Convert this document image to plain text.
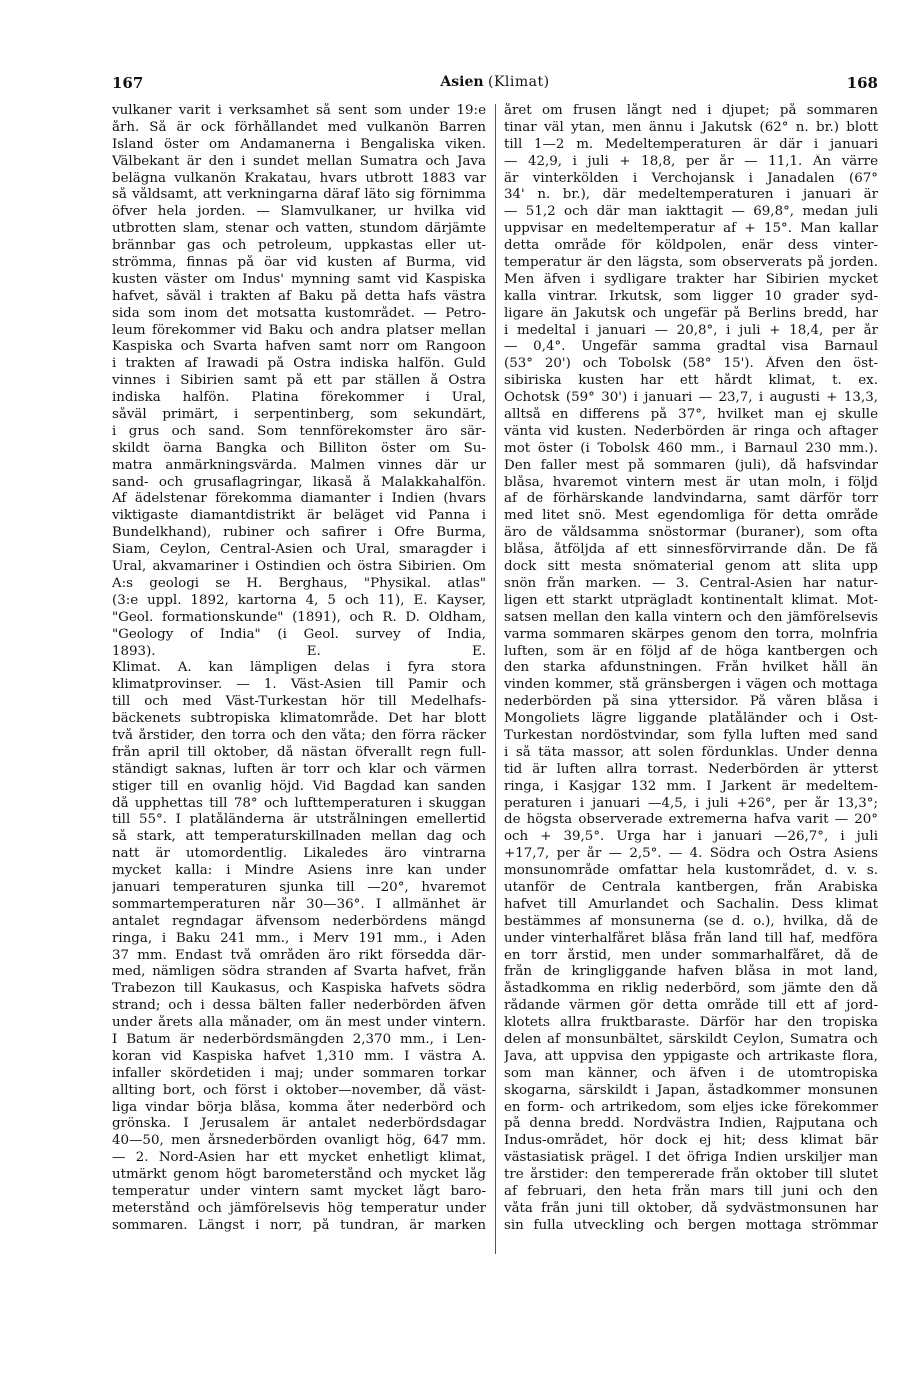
167	Asien (Klimat)	168
vulkaner varit i verksamhet så sent som under 19:e
årh. Så är ock förhållandet med vulkanön Barren
Island öster om Andamanerna i Bengaliska viken.
Välbekant är den i sundet mellan Sumatra och Java
belägna vulkanön Krakatau, hvars utbrott 1883 var
så våldsamt, att verkningarna däraf läto sig förnimma
öfver hela jorden. — Slamvulkaner, ur hvilka vid
utbrotten slam, stenar och vatten, stundom därjämte
brännbar gas och petroleum, uppkastas eller ut-
strömma, finnas på öar vid kusten af Burma, vid
kusten väster om Indus' mynning samt vid Kaspiska
hafvet, såväl i trakten af Baku på detta hafs västra
sida som inom det motsatta kustområdet. — Petro-
leum förekommer vid Baku och andra platser mellan
Kaspiska och Svarta hafven samt norr om Rangoon
i trakten af Irawadi på Östra indiska halfön. Guld
vinnes i Sibirien samt på ett par ställen å Östra
indiska halfön. Platina förekommer i Ural,
såväl primärt, i serpentinberg, som sekundärt,
i grus och sand. Som tennförekomster äro sär-
skildt öarna Bangka och Billiton öster om Su-
matra anmärkningsvärda. Malmen vinnes där ur
sand- och grusaflagringar, likaså å Malakkahalfön.
Af ädelstenar förekomma diamanter i Indien (hvars
viktigaste diamantdistrikt är beläget vid Panna i
Bundelkhand), rubiner och safirer i Öfre Burma,
Siam, Ceylon, Central-Asien och Ural, smaragder i
Ural, akvamariner i Ostindien och östra Sibirien. Om
A:s geologi se H. Berghaus, "Physikal. atlas"
(3:e uppl. 1892, kartorna 4, 5 och 11), E. Kayser,
"Geol. formationskunde" (1891), och R. D. Oldham,
"Geology of India" (i Geol. survey of India,
1893). E. E.
Klimat. A. kan lämpligen delas i fyra stora
klimatprovinser. — 1. Väst-Asien till Pamir och
till och med Väst-Turkestan hör till Medelhafs-
bäckenets subtropiska klimatområde. Det har blott
två årstider, den torra och den våta; den förra räcker
från april till oktober, då nästan öfverallt regn full-
ständigt saknas, luften är torr och klar och värmen
stiger till en ovanlig höjd. Vid Bagdad kan sanden
då upphettas till 78° och lufttemperaturen i skuggan
till 55°. I platåländerna är utstrålningen emellertid
så stark, att temperaturskillnaden mellan dag och
natt är utomordentlig. Likaledes äro vintrarna
mycket kalla: i Mindre Asiens inre kan under
januari temperaturen sjunka till —20°, hvaremot
sommartemperaturen når 30—36°. I allmänhet är
antalet regndagar äfvensom nederbördens mängd
ringa, i Baku 241 mm., i Merv 191 mm., i Aden
37 mm. Endast två områden äro rikt försedda där-
med, nämligen södra stranden af Svarta hafvet, från
Trabezon till Kaukasus, och Kaspiska hafvets södra
strand; och i dessa bälten faller nederbörden äfven
under årets alla månader, om än mest under vintern.
I Batum är nederbördsmängden 2,370 mm., i Len-
koran vid Kaspiska hafvet 1,310 mm. I västra A.
infaller skördetiden i maj; under sommaren torkar
allting bort, och först i oktober—november, då väst-
liga vindar börja blåsa, komma åter nederbörd och
grönska. I Jerusalem är antalet nederbördsdagar
40—50, men årsnederbörden ovanligt hög, 647 mm.
— 2. Nord-Asien har ett mycket enhetligt klimat,
utmärkt genom högt barometerstånd och mycket låg
temperatur under vintern samt mycket lågt baro-
meterstånd och jämförelsevis hög temperatur under
sommaren. Längst i norr, på tundran, är marken
året om frusen långt ned i djupet; på sommaren
tinar väl ytan, men ännu i Jakutsk (62° n. br.) blott
till 1—2 m. Medeltemperaturen är där i januari
— 42,9, i juli + 18,8, per år — 11,1. Än värre
är vinterkölden i Verchojansk i Janadalen (67°
34' n. br.), där medeltemperaturen i januari är
— 51,2 och där man iakttagit — 69,8°, medan juli
uppvisar en medeltemperatur af + 15°. Man kallar
detta område för köldpolen, enär dess vinter-
temperatur är den lägsta, som observerats på jorden.
Men äfven i sydligare trakter har Sibirien mycket
kalla vintrar. Irkutsk, som ligger 10 grader syd-
ligare än Jakutsk och ungefär på Berlins bredd, har
i medeltal i januari — 20,8°, i juli + 18,4, per år
— 0,4°. Ungefär samma gradtal visa Barnaul
(53° 20') och Tobolsk (58° 15'). Äfven den öst-
sibiriska kusten har ett hårdt klimat, t. ex.
Ochotsk (59° 30') i januari — 23,7, i augusti + 13,3,
alltså en differens på 37°, hvilket man ej skulle
vänta vid kusten. Nederbörden är ringa och aftager
mot öster (i Tobolsk 460 mm., i Barnaul 230 mm.).
Den faller mest på sommaren (juli), då hafsvindar
blåsa, hvaremot vintern mest är utan moln, i följd
af de förhärskande landvindarna, samt därför torr
med litet snö. Mest egendomliga för detta område
äro de våldsamma snöstormar (buraner), som ofta
blåsa, åtföljda af ett sinnesförvirrande dån. De få
dock sitt mesta snömaterial genom att slita upp
snön från marken. — 3. Central-Asien har natur-
ligen ett starkt utprägladt kontinentalt klimat. Mot-
satsen mellan den kalla vintern och den jämförelsevis
varma sommaren skärpes genom den torra, molnfria
luften, som är en följd af de höga kantbergen och
den starka afdunstningen. Från hvilket håll än
vinden kommer, stå gränsbergen i vägen och mottaga
nederbörden på sina yttersidor. På våren blåsa i
Mongoliets lägre liggande platåländer och i Öst-
Turkestan nordöstvindar, som fylla luften med sand
i så täta massor, att solen fördunklas. Under denna
tid är luften allra torrast. Nederbörden är ytterst
ringa, i Kasjgar 132 mm. I Jarkent är medeltem-
peraturen i januari —4,5, i juli +26°, per år 13,3°;
de högsta observerade extremerna hafva varit — 20°
och + 39,5°. Urga har i januari —26,7°, i juli
+17,7, per år — 2,5°. — 4. Södra och Östra Asiens
monsunområde omfattar hela kustområdet, d. v. s.
utanför de Centrala kantbergen, från Arabiska
hafvet till Amurlandet och Sachalin. Dess klimat
bestämmes af monsunerna (se d. o.), hvilka, då de
under vinterhalfåret blåsa från land till haf, medföra
en torr årstid, men under sommarhalfåret, då de
från de kringliggande hafven blåsa in mot land,
åstadkomma en riklig nederbörd, som jämte den då
rådande värmen gör detta område till ett af jord-
klotets allra fruktbaraste. Därför har den tropiska
delen af monsunbältet, särskildt Ceylon, Sumatra och
Java, att uppvisa den yppigaste och artrikaste flora,
som man känner, och äfven i de utomtropiska
skogarna, särskildt i Japan, åstadkommer monsunen
en form- och artrikedom, som eljes icke förekommer
på denna bredd. Nordvästra Indien, Rajputana och
Indus-området, hör dock ej hit; dess klimat bär
västasiatisk prägel. I det öfriga Indien urskiljer man
tre årstider: den tempererade från oktober till slutet
af februari, den heta från mars till juni och den
våta från juni till oktober, då sydvästmonsunen har
sin fulla utveckling och bergen mottaga strömmar
